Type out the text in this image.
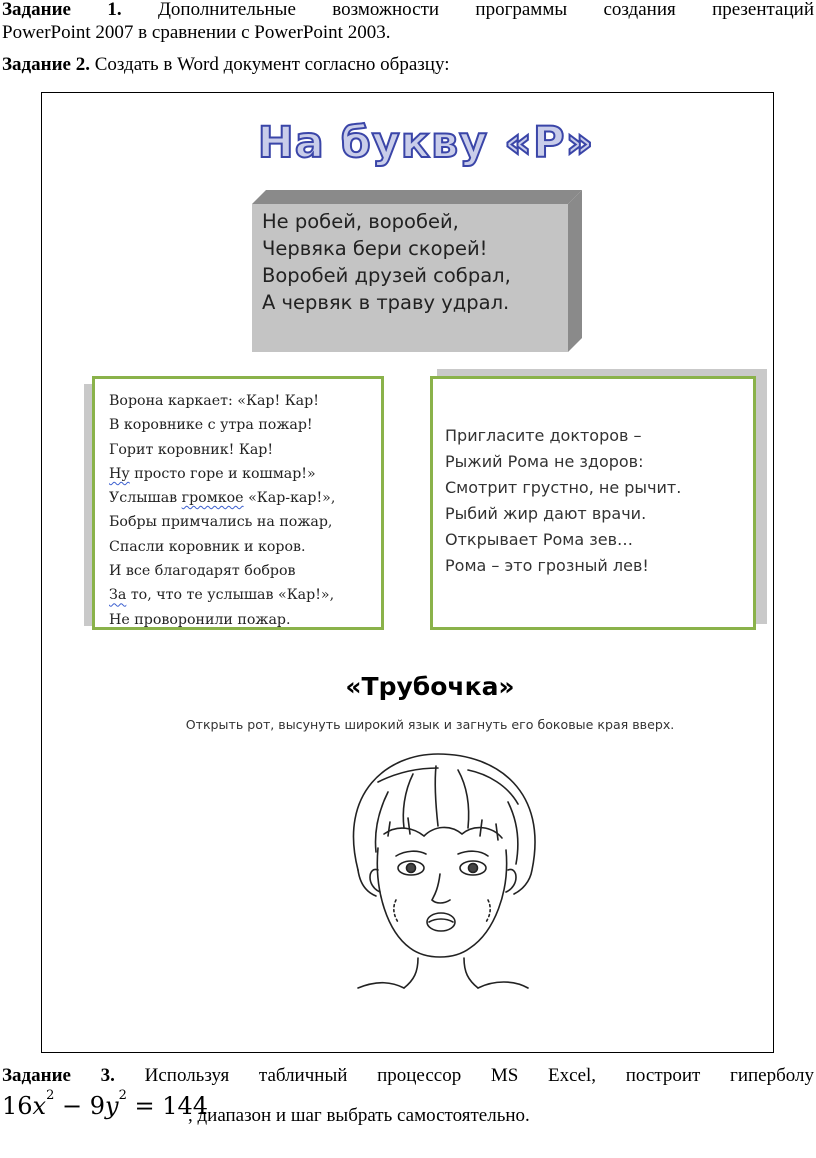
Задание 1. Дополнительные возможности программы создания презентаций
PowerPoint 2007 в сравнении с PowerPoint 2003.
Задание 2. Создать в Word документ согласно образцу:
На букву «Р»
Не робей, воробей,
Червяка бери скорей!
Воробей друзей собрал,
А червяк в траву удрал.
Ворона каркает: «Кар! Кар!
В коровнике с утра пожар!
Горит коровник! Кар!
Ну просто горе и кошмар!»
Услышав громкое «Кар-кар!»,
Бобры примчались на пожар,
Спасли коровник и коров.
И все благодарят бобров
За то, что те услышав «Кар!»,
Не проворонили пожар.
Пригласите докторов –
Рыжий Рома не здоров:
Смотрит грустно, не рычит.
Рыбий жир дают врачи.
Открывает Рома зев…
Рома – это грозный лев!
«Трубочка»
Открыть рот, высунуть широкий язык и загнуть его боковые края вверх.
Задание 3. Используя табличный процессор MS Excel, построит гиперболу
$16x^2 - 9y^2 = 144$
, диапазон и шаг выбрать самостоятельно.
